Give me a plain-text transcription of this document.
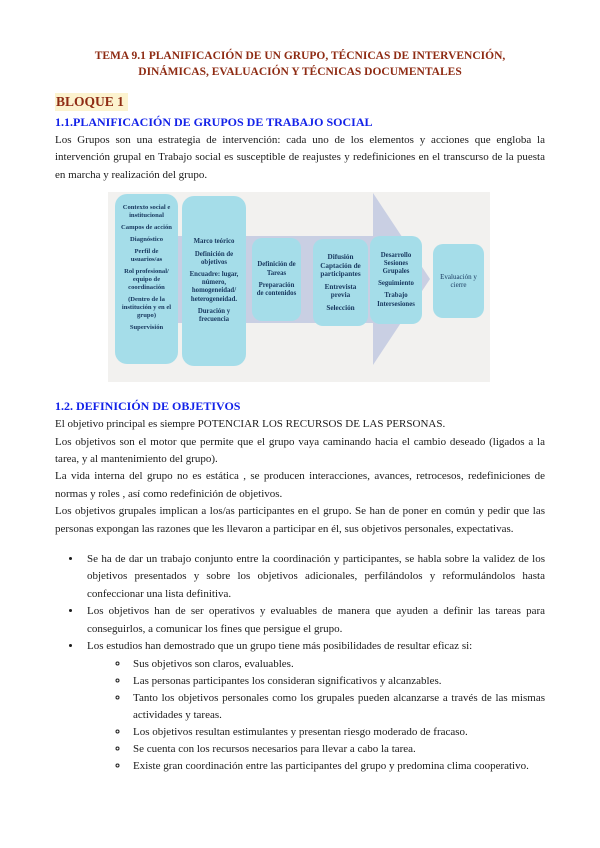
TEMA 9.1 PLANIFICACIÓN DE UN GRUPO, TÉCNICAS DE INTERVENCIÓN,
DINÁMICAS, EVALUACIÓN Y TÉCNICAS DOCUMENTALES
BLOQUE 1
1.1.PLANIFICACIÓN DE GRUPOS DE TRABAJO SOCIAL

Los Grupos son una estrategia de intervención: cada uno de los elementos y acciones que engloba la intervención grupal en Trabajo social es susceptible de reajustes y redefiniciones en el transcurso de la puesta en marcha y realización del grupo.

Contexto social e institucional
Campos de acción
Diagnóstico
Perfil de usuarios/as
Rol profesional/ equipo de coordinación
(Dentro de la institución y en el grupo)
Supervisión
Marco teórico
Definición de objetivos
Encuadre: lugar, número, homogeneidad/ heterogeneidad.
Duración y frecuencia
Definición de Tareas
Preparación de contenidos
Difusión Captación de participantes
Entrevista previa
Selección
Desarrollo Sesiones Grupales
Seguimiento
Trabajo Intersesiones
Evaluación y cierre
1.2. DEFINICIÓN DE OBJETIVOS

El objetivo principal es siempre POTENCIAR LOS RECURSOS DE LAS PERSONAS.

Los objetivos son el motor que permite que el grupo vaya caminando hacia el cambio deseado (ligados a la tarea, y al mantenimiento del grupo).

La vida interna del grupo no es estática , se producen interacciones, avances, retrocesos, redefiniciones de normas y roles , así como redefinición de objetivos.

Los objetivos grupales implican a los/as participantes en el grupo. Se han de poner en común y pedir que las personas expongan las razones que les llevaron a participar en él, sus objetivos personales, expectativas.

• Se ha de dar un trabajo conjunto entre la coordinación y participantes, se habla sobre la validez de los objetivos presentados y sobre los objetivos adicionales, perfilándolos y reformulándolos hasta confeccionar una lista definitiva.
• Los objetivos han de ser operativos y evaluables de manera que ayuden a definir las tareas para conseguirlos, a comunicar los fines que persigue el grupo.
• Los estudios han demostrado que un grupo tiene más posibilidades de resultar eficaz si:
◦ Sus objetivos son claros, evaluables.
◦ Las personas participantes los consideran significativos y alcanzables.
◦ Tanto los objetivos personales como los grupales pueden alcanzarse a través de las mismas actividades y tareas.
◦ Los objetivos resultan estimulantes y presentan riesgo moderado de fracaso.
◦ Se cuenta con los recursos necesarios para llevar a cabo la tarea.
◦ Existe gran coordinación entre las participantes del grupo y predomina clima cooperativo.
